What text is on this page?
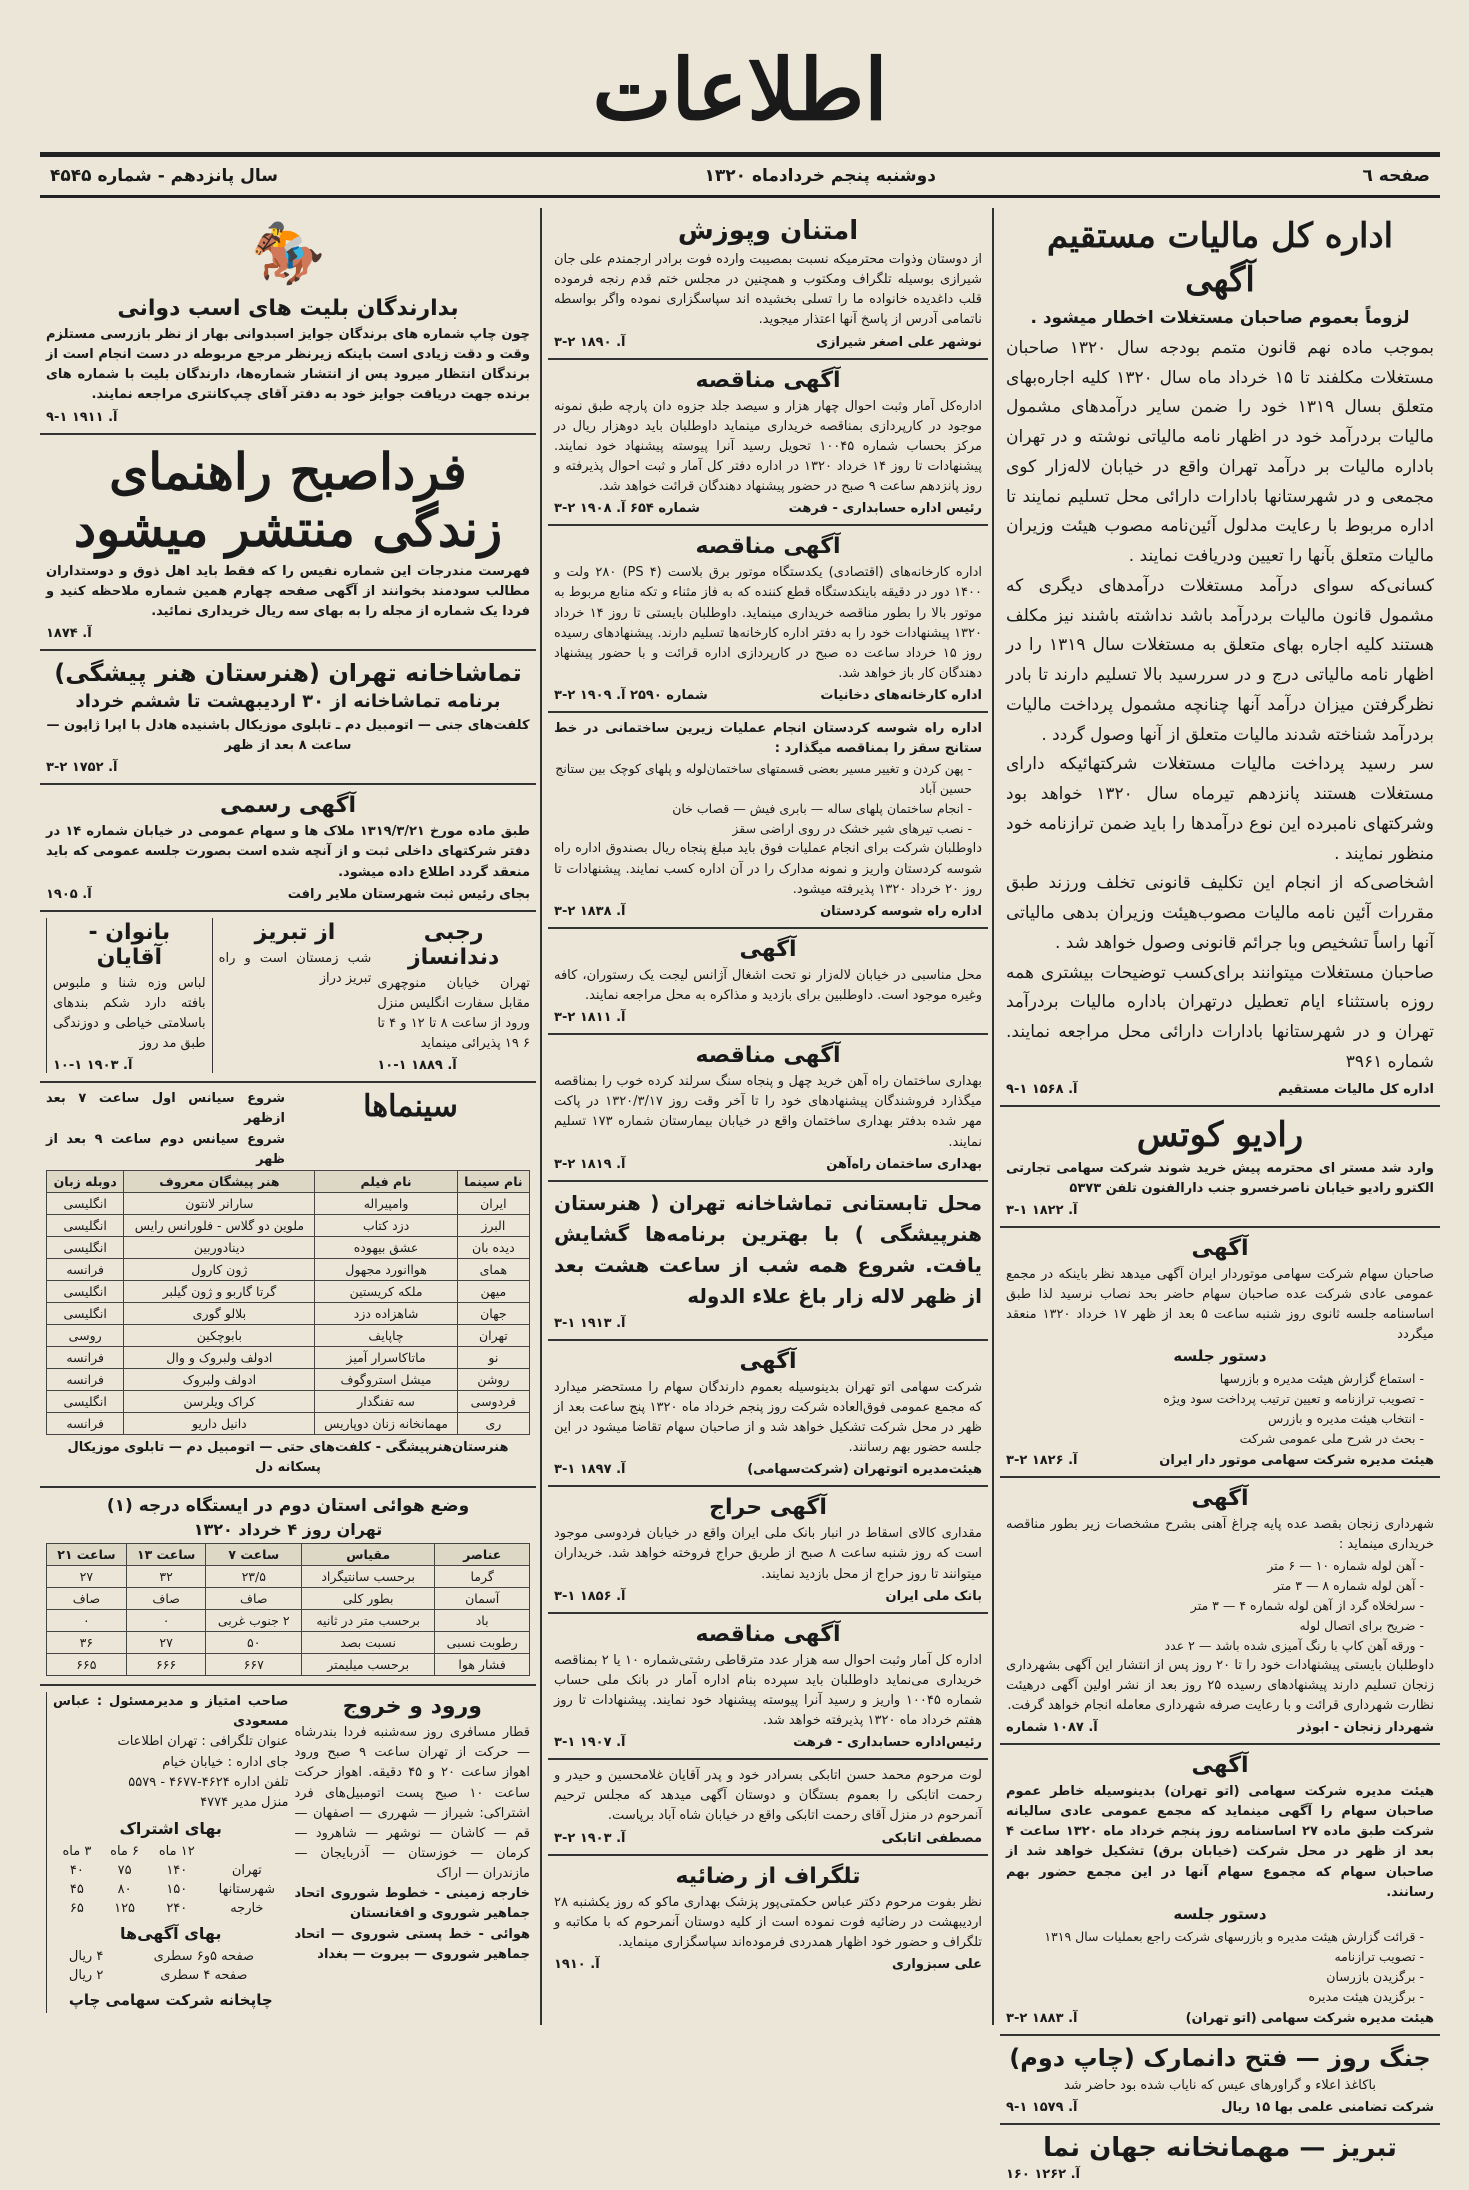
اطلاعات
صفحه ٦
دوشنبه پنجم خردادماه ۱۳۲۰
سال پانزدهم - شماره ۴۵۴۵
اداره کل مالیات مستقیم
آگهی
لزوماً بعموم صاحبان مستغلات اخطار میشود .
بموجب ماده نهم قانون متمم بودجه سال ۱۳۲۰ صاحبان مستغلات مکلفند تا ۱۵ خرداد ماه سال ۱۳۲۰ کلیه اجاره‌بهای متعلق بسال ۱۳۱۹ خود را ضمن سایر درآمدهای مشمول مالیات بردرآمد خود در اظهار نامه مالیاتی نوشته و در تهران باداره مالیات بر درآمد تهران واقع در خیابان لاله‌زار کوی مجمعی و در شهرستانها بادارات دارائی محل تسلیم نمایند تا اداره مربوط با رعایت مدلول آئین‌نامه مصوب هیئت وزیران مالیات متعلق بآنها را تعیین ودریافت نمایند .
کسانی‌که سوای درآمد مستغلات درآمدهای دیگری که مشمول قانون مالیات بردرآمد باشد نداشته باشند نیز مکلف هستند کلیه اجاره بهای متعلق به مستغلات سال ۱۳۱۹ را در اظهار نامه مالیاتی درج و در سررسید بالا تسلیم دارند تا بادر نظرگرفتن میزان درآمد آنها چنانچه مشمول پرداخت مالیات بردرآمد شناخته شدند مالیات متعلق از آنها وصول گردد .
سر رسید پرداخت مالیات مستغلات شرکتهائیکه دارای مستغلات هستند پانزدهم تیرماه سال ۱۳۲۰ خواهد بود وشرکتهای نامبرده این نوع درآمدها را باید ضمن ترازنامه خود منظور نمایند .
اشخاصی‌که از انجام این تکلیف قانونی تخلف ورزند طبق مقررات آئین نامه مالیات مصوب‌هیئت وزیران بدهی مالیاتی آنها راساً تشخیص وبا جرائم قانونی وصول خواهد شد .
صاحبان مستغلات میتوانند برای‌کسب توضیحات بیشتری همه روزه باستثناء ایام تعطیل درتهران باداره مالیات بردرآمد تهران و در شهرستانها بادارات دارائی محل مراجعه نمایند. شماره ۳۹۶۱
اداره کل مالیات مستقیم
آ. ۱۵۶۸ ۱-۹
رادیو کوتس
وارد شد مستر ای محترمه پیش خرید شوند شرکت سهامی تجارتی الکترو رادیو خیابان ناصرخسرو جنب دارالفنون تلفن ۵۳۷۳
آ. ۱۸۲۲ ۱-۳
آگهی
صاحبان سهام شرکت سهامی موتوردار ایران آگهی میدهد نظر باینکه در مجمع عمومی عادی شرکت عده صاحبان سهام حاضر بحد نصاب نرسید لذا طبق اساسنامه جلسه ثانوی روز شنبه ساعت ۵ بعد از ظهر ۱۷ خرداد ۱۳۲۰ منعقد میگردد
دستور جلسه
- استماع گزارش هیئت مدیره و بازرسها
- تصویب ترازنامه و تعیین ترتیب پرداخت سود ویژه
- انتخاب هیئت مدیره و بازرس
- بحث در شرح ملی عمومی شرکت
هیئت مدیره شرکت سهامی موتور دار ایران
آ. ۱۸۲۶ ۲-۳
آگهی
شهرداری زنجان بقصد عده پایه چراغ آهنی بشرح مشخصات زیر بطور مناقصه خریداری مینماید :
- آهن لوله شماره ۱۰ — ۶ متر
- آهن لوله شماره ۸ — ۳ متر
- سرلخلاه گرد از آهن لوله شماره ۴ — ۳ متر
- ضریح برای اتصال لوله
- ورقه آهن کاپ با رنگ آمیزی شده باشد — ۲ عدد
داوطلبان بایستی پیشنهادات خود را تا ۲۰ روز پس از انتشار این آگهی بشهرداری زنجان تسلیم دارند پیشنهادهای رسیده ۲۵ روز بعد از نشر اولین آگهی درهیئت نظارت شهرداری قرائت و با رعایت صرفه شهرداری معامله انجام خواهد گرفت.
شهردار زنجان - ابوذر
آ. ۱۰۸۷ شماره
آگهی
هیئت مدیره شرکت سهامی (اتو تهران) بدینوسیله خاطر عموم صاحبان سهام را آگهی مینماید که مجمع عمومی عادی سالیانه شرکت طبق ماده ۲۷ اساسنامه روز پنجم خرداد ماه ۱۳۲۰ ساعت ۴ بعد از ظهر در محل شرکت (خیابان برق) تشکیل خواهد شد از صاحبان سهام که مجموع سهام آنها در این مجمع حضور بهم رسانند.
دستور جلسه
- قرائت گزارش هیئت مدیره و بازرسهای شرکت راجع بعملیات سال ۱۳۱۹
- تصویب ترازنامه
- برگزیدن بازرسان
- برگزیدن هیئت مدیره
هیئت مدیره شرکت سهامی (اتو تهران)
آ. ۱۸۸۳ ۲-۳
جنگ روز — فتح دانمارک (چاپ دوم)
باکاغذ اعلاء و گراورهای عیس که نایاب شده بود حاضر شد
شرکت تضامنی علمی بها ۱۵ ریال
آ. ۱۵۷۹ ۱-۹
تبریز — مهمانخانه جهان نما
آ. ۱۲۶۲ ۱۶۰
امتنان وپوزش
از دوستان وذوات محترمیکه نسبت بمصیبت وارده فوت برادر ارجمندم علی جان شیرازی بوسیله تلگراف ومکتوب و همچنین در مجلس ختم قدم رنجه فرموده قلب داغدیده خانواده ما را تسلی بخشیده اند سپاسگزاری نموده واگر بواسطه ناتمامی آدرس از پاسخ آنها اعتذار میجوید.
نوشهر علی اصغر شیرازی
آ. ۱۸۹۰ ۲-۳
آگهی مناقصه
اداره‌کل آمار وثبت احوال چهار هزار و سیصد جلد جزوه دان پارچه طبق نمونه موجود در کارپردازی بمناقصه خریداری مینماید داوطلبان باید دوهزار ریال در مرکز بحساب شماره ۱۰۰۴۵ تحویل رسید آنرا پیوسته پیشنهاد خود نمایند. پیشنهادات تا روز ۱۴ خرداد ۱۳۲۰ در اداره دفتر کل آمار و ثبت احوال پذیرفته و روز پانزدهم ساعت ۹ صبح در حضور پیشنهاد دهندگان قرائت خواهد شد.
رئیس اداره حسابداری - فرهت
شماره ۶۵۴ آ. ۱۹۰۸ ۲-۳
آگهی مناقصه
اداره کارخانه‌های (اقتصادی) یکدستگاه موتور برق بلاست (۴ PS) ۲۸۰ ولت و ۱۴۰۰ دور در دقیقه باینکدستگاه قطع کننده که به فاز مثناء و تکه منابع مربوط به موتور بالا را بطور مناقصه خریداری مینماید. داوطلبان بایستی تا روز ۱۴ خرداد ۱۳۲۰ پیشنهادات خود را به دفتر اداره کارخانه‌ها تسلیم دارند. پیشنهادهای رسیده روز ۱۵ خرداد ساعت ده صبح در کارپردازی اداره قرائت و با حضور پیشنهاد دهندگان کار باز خواهد شد.
اداره کارخانه‌های دخانیات
شماره ۲۵۹۰ آ. ۱۹۰۹ ۲-۳
اداره راه شوسه کردستان انجام عملیات زیرین ساختمانی در خط ستانج سقز را بمناقصه میگذارد :
- پهن کردن و تغییر مسیر بعضی قسمتهای ساختمان‌لوله و پلهای کوچک بین ستانج حسین آباد
- انجام ساختمان پلهای ساله — بابری فیش — قصاب خان
- نصب تیرهای شیر خشک در روی اراضی سقز
داوطلبان شرکت برای انجام عملیات فوق باید مبلغ پنجاه ریال بصندوق اداره راه شوسه کردستان واریز و نمونه مدارک را در آن اداره کسب نمایند. پیشنهادات تا روز ۲۰ خرداد ۱۳۲۰ پذیرفته میشود.
اداره راه شوسه کردستان
آ. ۱۸۳۸ ۲-۳
آگهی
محل مناسبی در خیابان لاله‌زار نو تحت اشغال آژانس لیجت یک رستوران، کافه وغیره موجود است. داوطلبین برای بازدید و مذاکره به محل مراجعه نمایند.
آ. ۱۸۱۱ ۲-۳
آگهی مناقصه
بهداری ساختمان راه آهن خرید چهل و پنجاه سنگ سرلند کرده خوب را بمناقصه میگذارد فروشندگان پیشنهادهای خود را تا آخر وقت روز ۱۳۲۰/۳/۱۷ در پاکت مهر شده بدفتر بهداری ساختمان واقع در خیابان بیمارستان شماره ۱۷۳ تسلیم نمایند.
بهداری ساختمان راه‌آهن
آ. ۱۸۱۹ ۲-۳
محل تابستانی تماشاخانه تهران ( هنرستان هنرپیشگی ) با بهترین برنامه‌ها گشایش یافت. شروع همه شب از ساعت هشت بعد از ظهر لاله زار باغ علاء الدوله
آ. ۱۹۱۳ ۱-۳
آگهی
شرکت سهامی اتو تهران بدینوسیله بعموم دارندگان سهام را مستحضر میدارد که مجمع عمومی فوق‌العاده شرکت روز پنجم خرداد ماه ۱۳۲۰ پنج ساعت بعد از ظهر در محل شرکت تشکیل خواهد شد و از صاحبان سهام تقاضا میشود در این جلسه حضور بهم رسانند.
هیئت‌مدیره اتوتهران (شرکت‌سهامی)
آ. ۱۸۹۷ ۱-۳
آگهی حراج
مقداری کالای اسقاط در انبار بانک ملی ایران واقع در خیابان فردوسی موجود است که روز شنبه ساعت ۸ صبح از طریق حراج فروخته خواهد شد. خریداران میتوانند تا روز حراج از محل بازدید نمایند.
بانک ملی ایران
آ. ۱۸۵۶ ۱-۳
آگهی مناقصه
اداره کل آمار وثبت احوال سه هزار عدد مترقاطی رشتی‌شماره ۱۰ یا ۲ بمناقصه خریداری می‌نماید داوطلبان باید سپرده بنام اداره آمار در بانک ملی حساب شماره ۱۰۰۴۵ واریز و رسید آنرا پیوسته پیشنهاد خود نمایند. پیشنهادات تا روز هفتم خرداد ماه ۱۳۲۰ پذیرفته خواهد شد.
رئیس‌اداره حسابداری - فرهت
آ. ۱۹۰۷ ۱-۳
لوت مرحوم محمد حسن اتابکی بسرادر خود و پدر آقایان غلامحسین و حیدر و رحمت اتابکی را بعموم بستگان و دوستان آگهی میدهد که مجلس ترحیم آنمرحوم در منزل آقای رحمت اتابکی واقع در خیابان شاه آباد برپاست.
مصطفی اتابکی
آ. ۱۹۰۳ ۲-۳
تلگراف از رضائیه
نظر بفوت مرحوم دکتر عباس حکمتی‌پور پزشک بهداری ماکو که روز یکشنبه ۲۸ اردیبهشت در رضائیه فوت نموده است از کلیه دوستان آنمرحوم که با مکاتبه و تلگراف و حضور خود اظهار همدردی فرموده‌اند سپاسگزاری مینماید.
علی سبزواری
آ. ۱۹۱۰
🏇
بدارندگان بلیت های اسب دوانی
چون چاپ شماره های برندگان جوایز اسبدوانی بهار از نظر بازرسی مستلزم وقت و دقت زیادی است باینکه زیرنظر مرجع مربوطه در دست انجام است از برندگان انتظار میرود پس از انتشار شماره‌ها، دارندگان بلیت با شماره های برنده جهت دریافت جوایز خود به دفتر آقای چپ‌کانتری مراجعه نمایند.
آ. ۱۹۱۱ ۱-۹
فرداصبح راهنمای زندگی منتشر میشود
فهرست مندرجات این شماره نفیس را که فقط باید اهل ذوق و دوستداران مطالب سودمند بخوانند از آگهی صفحه چهارم همین شماره ملاحظه کنید و فردا یک شماره از مجله را به بهای سه ریال خریداری نمائید.
آ. ۱۸۷۴
تماشاخانه تهران (هنرستان هنر پیشگی)
برنامه تماشاخانه از ۳۰ اردیبهشت تا ششم خرداد
کلفت‌های جنی — اتومبیل دم ـ تابلوی موزیکال باشنیده هادل با اپرا ژاپون — ساعت ۸ بعد از ظهر
آ. ۱۷۵۲ ۲-۳
آگهی رسمی
طبق ماده مورخ ۱۳۱۹/۳/۲۱ ملاک ها و سهام عمومی در خیابان شماره ۱۴ در دفتر شرکتهای داخلی ثبت و از آنچه شده است بصورت جلسه عمومی که باید منعقد گردد اطلاع داده میشود.
بجای رئیس ثبت شهرستان ملایر رافت
آ. ۱۹۰۵
رجبی دندانساز
تهران خیابان منوچهری مقابل سفارت انگلیس منزل ورود از ساعت ۸ تا ۱۲ و ۴ تا ۶ ۱۹ پذیرائی مینماید
آ. ۱۸۸۹ ۱-۱۰
از تبریز
شب زمستان است و راه تبریز دراز
بانوان - آقایان
لباس وزه شنا و ملبوس بافته دارد شکم بندهای باسلامتی خیاطی و دوزندگی طبق مد روز
آ. ۱۹۰۳ ۱-۱۰
سینماها
شروع سیانس اول ساعت ۷ بعد ازظهر
شروع سیانس دوم ساعت ۹ بعد از ظهر
نام سینما	نام فیلم	هنر پیشگان معروف	دوبله زبان
ایران	وامپیراله	سارانر لانتون	انگلیسی
البرز	دزد کتاب	ملوین دو گلاس - فلورانس رایس	انگلیسی
دیده بان	عشق بیهوده	دینادوربین	انگلیسی
همای	هواانورد مجهول	ژون کارول	فرانسه
میهن	ملکه کریستین	گرتا گاربو و ژون گیلبر	انگلیسی
جهان	شاهزاده دزد	بلالو گوری	انگلیسی
تهران	چاپایف	بابوچکین	روسی
نو	ماتاکاسرار آمیز	ادولف ولبروک و وال	فرانسه
روشن	میشل استروگوف	ادولف ولبروک	فرانسه
فردوسی	سه تفنگدار	کراک ویلرسن	انگلیسی
ری	مهمانخانه زنان دوپاریس	دانیل داریو	فرانسه
هنرستان‌هنرپیشگی - کلفت‌های حتی — اتومبیل دم — تابلوی موزیکال پسکانه دل
وضع هوائی استان دوم در ایستگاه درجه (۱)
تهران روز ۴ خرداد ۱۳۲۰
عناصر	مقیاس	ساعت ۷	ساعت ۱۳	ساعت ۲۱
گرما	برحسب سانتیگراد	۲۳/۵	۳۲	۲۷
آسمان	بطور کلی	صاف	صاف	صاف
باد	برحسب متر در ثانیه	۲ جنوب غربی	۰	۰
رطوبت نسبی	نسبت بصد	۵۰	۲۷	۳۶
فشار هوا	برحسب میلیمتر	۶۶۷	۶۶۶	۶۶۵
ورود و خروج
قطار مسافری روز سه‌شنبه فردا بندرشاه — حرکت از تهران ساعت ۹ صبح ورود اهواز ساعت ۲۰ و ۴۵ دقیقه. اهواز حرکت ساعت ۱۰ صبح پست اتومبیل‌های فرد اشتراکی: شیراز — شهرری — اصفهان — قم — کاشان — نوشهر — شاهرود — کرمان — خوزستان — آذربایجان — مازندران — اراک
خارجه زمینی - خطوط شوروی اتحاد جماهیر شوروی و افغانستان
هوائی - خط پستی شوروی — اتحاد جماهیر شوروی — بیروت — بغداد
صاحب امتیاز و مدیرمسئول : عباس مسعودی
عنوان تلگرافی : تهران اطلاعات
جای اداره : خیابان خیام
تلفن اداره ۴۶۲۴-۴۶۷۷ - ۵۵۷۹
منزل مدیر ۴۷۷۴
بهای اشتراک
	۱۲ ماه	۶ ماه	۳ ماه
تهران	۱۴۰	۷۵	۴۰
شهرستانها	۱۵۰	۸۰	۴۵
خارجه	۲۴۰	۱۲۵	۶۵
بهای آگهی‌ها
صفحه ۵و۶ سطری	۴ ریال
صفحه ۴ سطری	۲ ریال
چاپخانه شرکت سهامی چاپ
